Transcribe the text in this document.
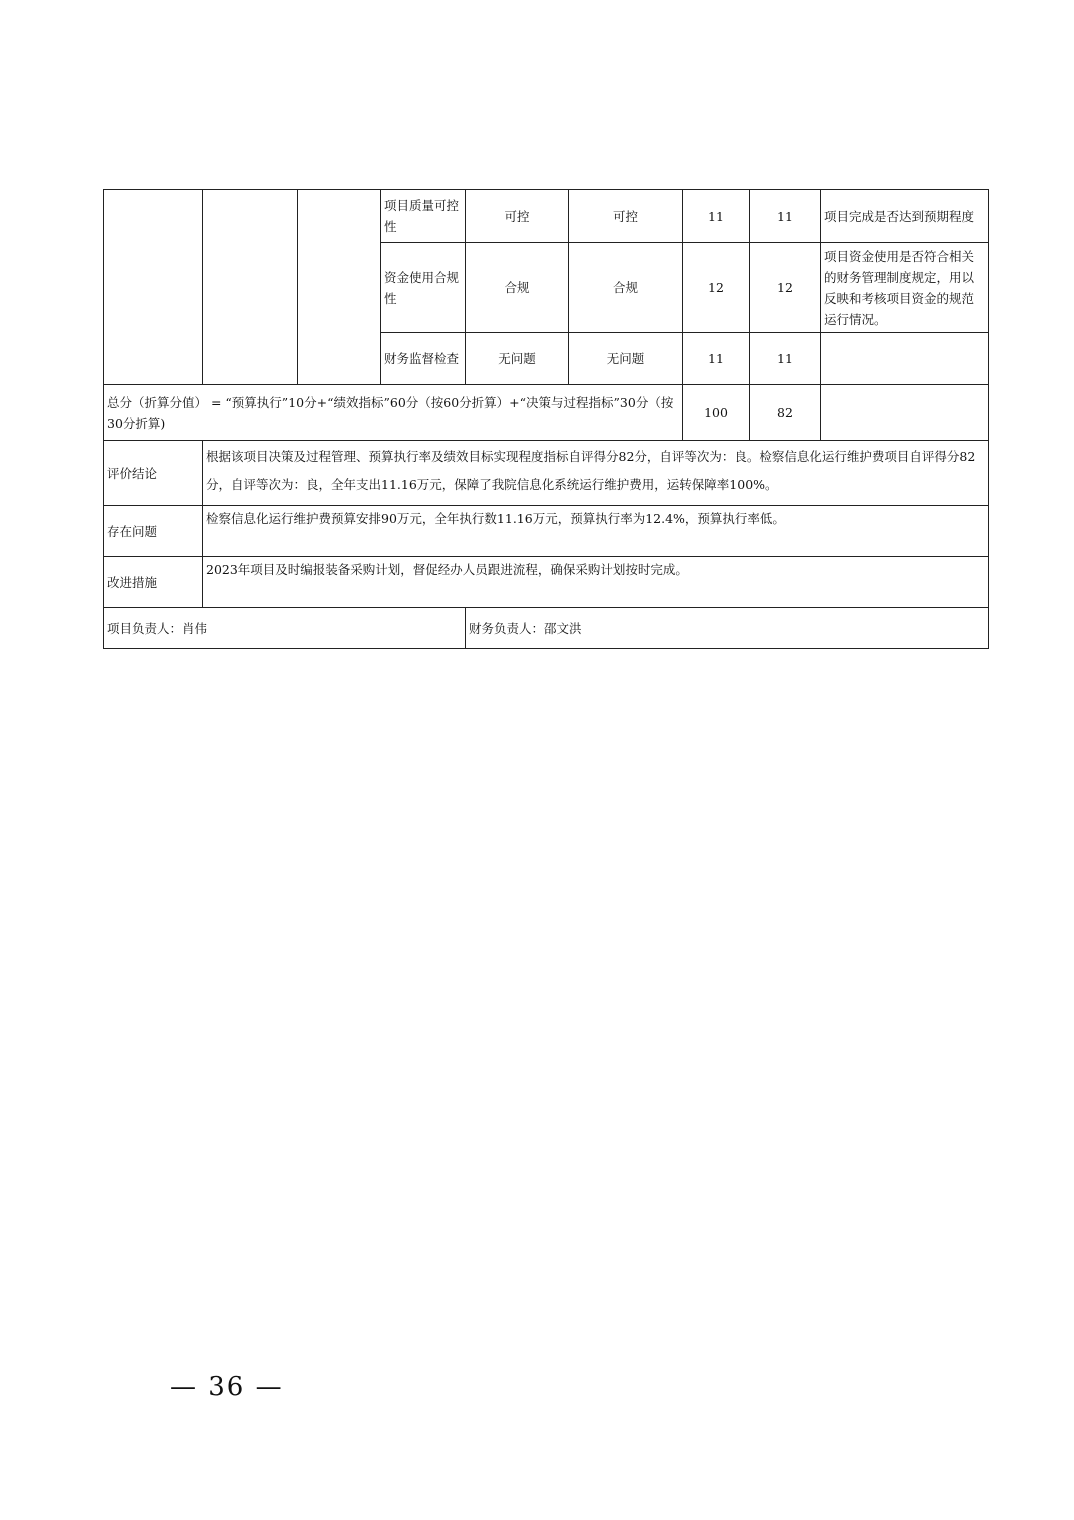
			项目质量可控性	可控	可控	11	11	项目完成是否达到预期程度
			资金使用合规性	合规	合规	12	12	项目资金使用是否符合相关的财务管理制度规定，用以反映和考核项目资金的规范运行情况。
			财务监督检查	无问题	无问题	11	11	
总分（折算分值） = “预算执行”10分+“绩效指标”60分（按60分折算）+“决策与过程指标”30分（按30分折算)						100	82	
评价结论	根据该项目决策及过程管理、预算执行率及绩效目标实现程度指标自评得分82分，自评等次为：良。检察信息化运行维护费项目自评得分82分，自评等次为：良，全年支出11.16万元，保障了我院信息化系统运行维护费用，运转保障率100%。							
存在问题	检察信息化运行维护费预算安排90万元，全年执行数11.16万元，预算执行率为12.4%，预算执行率低。							
改进措施	2023年项目及时编报装备采购计划，督促经办人员跟进流程，确保采购计划按时完成。							
项目负责人：肖伟				财务负责人：邵文洪				
— 36 —
